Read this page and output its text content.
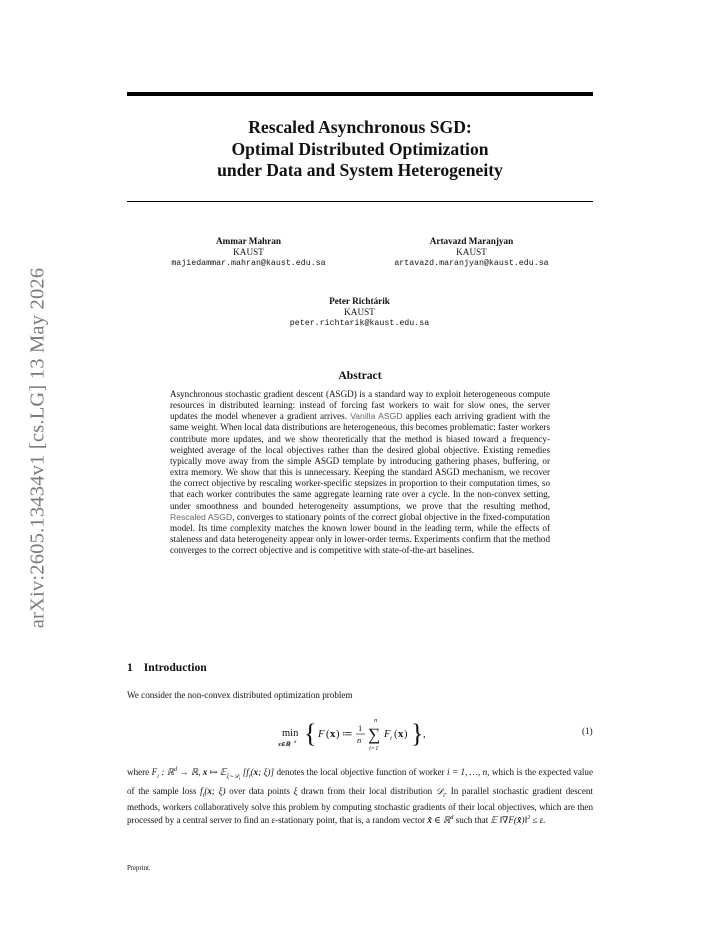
arXiv:2605.13434v1 [cs.LG] 13 May 2026
Rescaled Asynchronous SGD:
Optimal Distributed Optimization
under Data and System Heterogeneity
Ammar Mahran
KAUST
majiedammar.mahran@kaust.edu.sa
Artavazd Maranjyan
KAUST
artavazd.maranjyan@kaust.edu.sa
Peter Richtárik
KAUST
peter.richtarik@kaust.edu.sa
Abstract
Asynchronous stochastic gradient descent (ASGD) is a standard way to exploit heterogeneous compute resources in distributed learning: instead of forcing fast workers to wait for slow ones, the server updates the model whenever a gradient arrives. Vanilla ASGD applies each arriving gradient with the same weight. When local data distributions are heterogeneous, this becomes problematic: faster workers contribute more updates, and we show theoretically that the method is biased toward a frequency-weighted average of the local objectives rather than the desired global objective. Existing remedies typically move away from the simple ASGD template by introducing gathering phases, buffering, or extra memory. We show that this is unnecessary. Keeping the standard ASGD mechanism, we recover the correct objective by rescaling worker-specific stepsizes in proportion to their computation times, so that each worker contributes the same aggregate learning rate over a cycle. In the non-convex setting, under smoothness and bounded heterogeneity assumptions, we prove that the resulting method, Rescaled ASGD, converges to stationary points of the correct global objective in the fixed-computation model. Its time complexity matches the known lower bound in the leading term, while the effects of staleness and data heterogeneity appear only in lower-order terms. Experiments confirm that the method converges to the correct objective and is competitive with state-of-the-art baselines.
1 Introduction
We consider the non-convex distributed optimization problem
min
x∈ℝ
d { F ( x ) ≔
1
n
n
∑
i=1
F i ( x ) } ,	(1)
where $F_i$ : ℝ$^d$ → ℝ, x ↦ 𝔼$_{\xi\sim 𝒟_i}$ [$f_i(x$; ξ)] denotes the local objective function of worker i = 1, …, n, which is the expected value of the sample loss $f_i(x$; ξ) over data points ξ drawn from their local distribution 𝒟$_i$. In parallel stochastic gradient descent methods, workers collaboratively solve this problem by computing stochastic gradients of their local objectives, which are then processed by a central server to find an ε-stationary point, that is, a random vector x̂ ∈ ℝ$^d$ such that 𝔼 ‖∇F(x̂)‖$^2$ ≤ ε.
Preprint.
